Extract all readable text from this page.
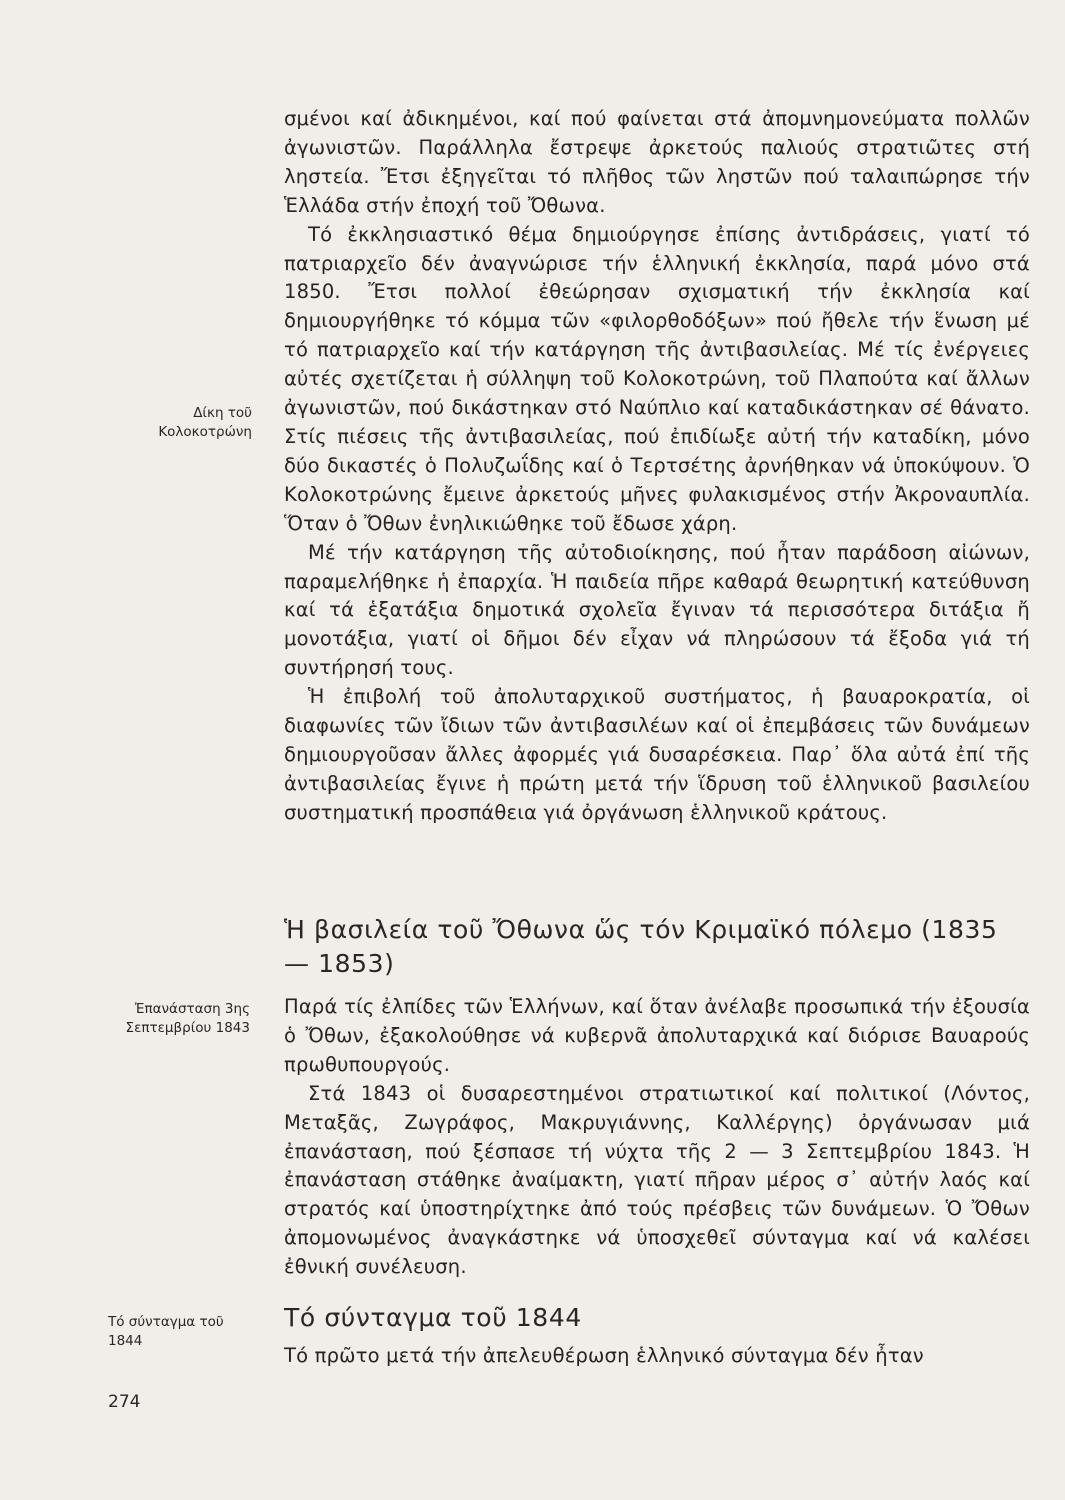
Δίκη τοῦ
Κολοκοτρώνη
Ἐπανάσταση 3ης
Σεπτεμβρίου 1843
Τό σύνταγμα τοῦ
1844

σμένοι καί ἀδικημένοι, καί πού φαίνεται στά ἀπομνημονεύματα πολλῶν ἀγωνιστῶν. Παράλληλα ἔστρεψε ἀρκετούς παλιούς στρατιῶτες στή ληστεία. Ἔτσι ἐξηγεῖται τό πλῆθος τῶν ληστῶν πού ταλαιπώρησε τήν Ἑλλάδα στήν ἐποχή τοῦ Ὄθωνα.

Τό ἐκκλησιαστικό θέμα δημιούργησε ἐπίσης ἀντιδράσεις, γιατί τό πατριαρχεῖο δέν ἀναγνώρισε τήν ἑλληνική ἐκκλησία, παρά μόνο στά 1850. Ἔτσι πολλοί ἐθεώρησαν σχισματική τήν ἐκκλησία καί δημιουργήθηκε τό κόμμα τῶν «φιλορθοδόξων» πού ἤθελε τήν ἕνωση μέ τό πατριαρχεῖο καί τήν κατάργηση τῆς ἀντιβασιλείας. Μέ τίς ἐνέργειες αὐτές σχετίζεται ἡ σύλληψη τοῦ Κολοκοτρώνη, τοῦ Πλαπούτα καί ἄλλων ἀγωνιστῶν, πού δικάστηκαν στό Ναύπλιο καί καταδικάστηκαν σέ θάνατο. Στίς πιέσεις τῆς ἀντιβασιλείας, πού ἐπιδίωξε αὐτή τήν καταδίκη, μόνο δύο δικαστές ὁ Πολυζωΐδης καί ὁ Τερτσέτης ἀρνήθηκαν νά ὑποκύψουν. Ὁ Κολοκοτρώνης ἔμεινε ἀρκετούς μῆνες φυλακισμένος στήν Ἀκροναυπλία. Ὅταν ὁ Ὄθων ἐνηλικιώθηκε τοῦ ἔδωσε χάρη.

Μέ τήν κατάργηση τῆς αὐτοδιοίκησης, πού ἦταν παράδοση αἰώνων, παραμελήθηκε ἡ ἐπαρχία. Ἡ παιδεία πῆρε καθαρά θεωρητική κατεύθυνση καί τά ἑξατάξια δημοτικά σχολεῖα ἔγιναν τά περισσότερα διτάξια ἤ μονοτάξια, γιατί οἱ δῆμοι δέν εἶχαν νά πληρώσουν τά ἔξοδα γιά τή συντήρησή τους.

Ἡ ἐπιβολή τοῦ ἀπολυταρχικοῦ συστήματος, ἡ βαυαροκρατία, οἱ διαφωνίες τῶν ἴδιων τῶν ἀντιβασιλέων καί οἱ ἐπεμβάσεις τῶν δυνάμεων δημιουργοῦσαν ἄλλες ἀφορμές γιά δυσαρέσκεια. Παρ᾽ ὅλα αὐτά ἐπί τῆς ἀντιβασιλείας ἔγινε ἡ πρώτη μετά τήν ἵδρυση τοῦ ἑλληνικοῦ βασιλείου συστηματική προσπάθεια γιά ὀργάνωση ἑλληνικοῦ κράτους.

Ἡ βασιλεία τοῦ Ὄθωνα ὥς τόν Κριμαϊκό πόλεμο (1835 — 1853)

Παρά τίς ἐλπίδες τῶν Ἑλλήνων, καί ὅταν ἀνέλαβε προσωπικά τήν ἐξουσία ὁ Ὄθων, ἐξακολούθησε νά κυβερνᾶ ἀπολυταρχικά καί διόρισε Βαυαρούς πρωθυπουργούς.

Στά 1843 οἱ δυσαρεστημένοι στρατιωτικοί καί πολιτικοί (Λόντος, Μεταξᾶς, Ζωγράφος, Μακρυγιάννης, Καλλέργης) ὀργάνωσαν μιά ἐπανάσταση, πού ξέσπασε τή νύχτα τῆς 2 — 3 Σεπτεμβρίου 1843. Ἡ ἐπανάσταση στάθηκε ἀναίμακτη, γιατί πῆραν μέρος σ᾽ αὐτήν λαός καί στρατός καί ὑποστηρίχτηκε ἀπό τούς πρέσβεις τῶν δυνάμεων. Ὁ Ὄθων ἀπομονωμένος ἀναγκάστηκε νά ὑποσχεθεῖ σύνταγμα καί νά καλέσει ἐθνική συνέλευση.

Τό σύνταγμα τοῦ 1844

Τό πρῶτο μετά τήν ἀπελευθέρωση ἑλληνικό σύνταγμα δέν ἦταν

274
